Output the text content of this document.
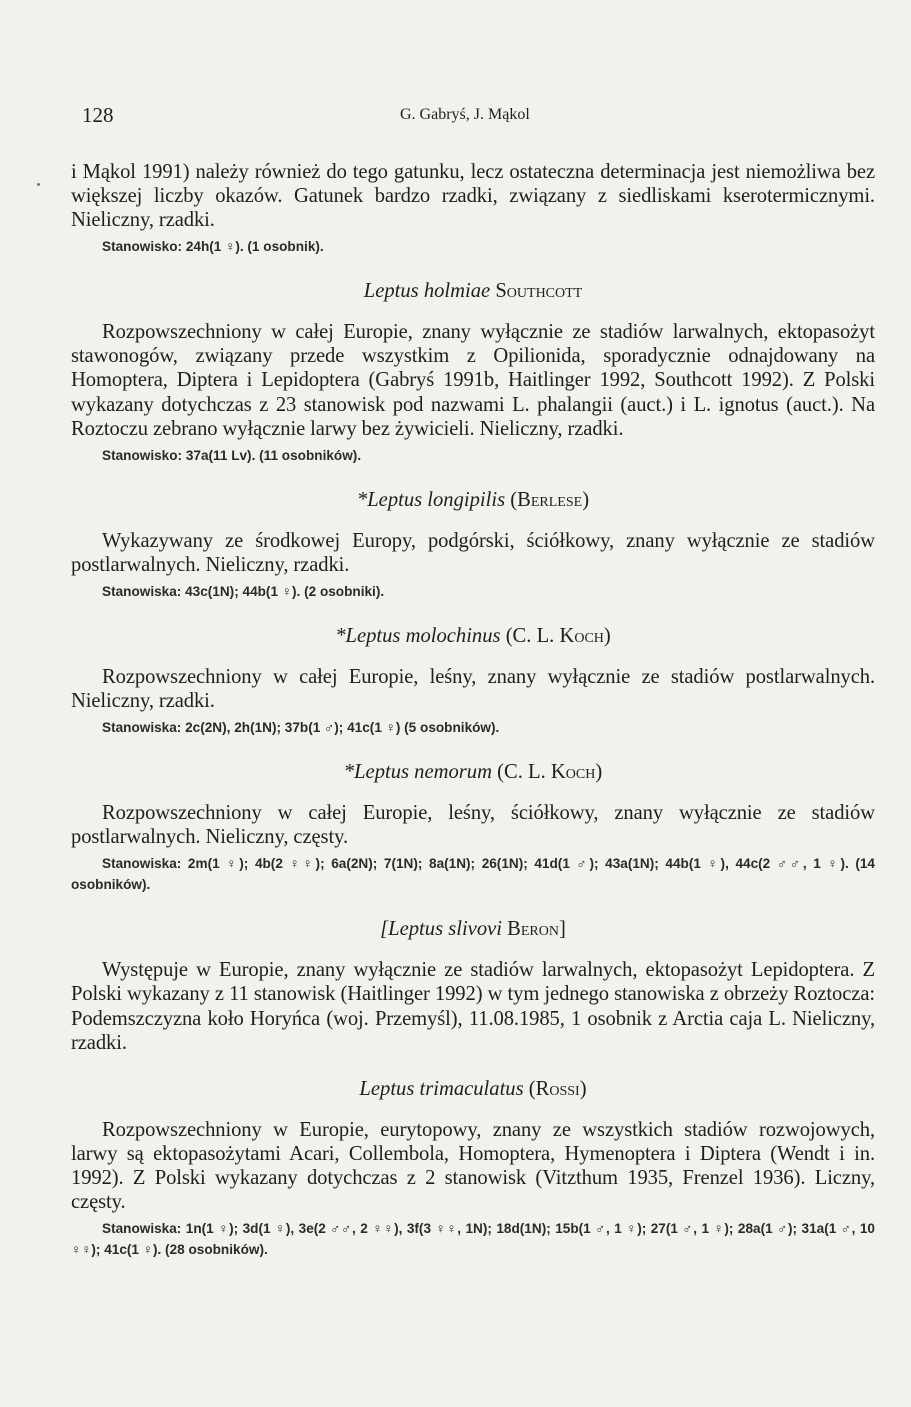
128	G. Gabryś, J. Mąkol

i Mąkol 1991) należy również do tego gatunku, lecz ostateczna determinacja jest niemożliwa bez większej liczby okazów. Gatunek bardzo rzadki, związany z siedliskami kserotermicznymi. Nieliczny, rzadki.

Stanowisko: 24h(1 ♀). (1 osobnik).

Leptus holmiae Southcott

Rozpowszechniony w całej Europie, znany wyłącznie ze stadiów larwalnych, ektopasożyt stawonogów, związany przede wszystkim z Opilionida, sporadycznie odnajdowany na Homoptera, Diptera i Lepidoptera (Gabryś 1991b, Haitlinger 1992, Southcott 1992). Z Polski wykazany dotychczas z 23 stanowisk pod nazwami L. phalangii (auct.) i L. ignotus (auct.). Na Roztoczu zebrano wyłącznie larwy bez żywicieli. Nieliczny, rzadki.

Stanowisko: 37a(11 Lv). (11 osobników).

*Leptus longipilis (Berlese)

Wykazywany ze środkowej Europy, podgórski, ściółkowy, znany wyłącznie ze stadiów postlarwalnych. Nieliczny, rzadki.

Stanowiska: 43c(1N); 44b(1 ♀). (2 osobniki).

*Leptus molochinus (C. L. Koch)

Rozpowszechniony w całej Europie, leśny, znany wyłącznie ze stadiów postlarwalnych. Nieliczny, rzadki.

Stanowiska: 2c(2N), 2h(1N); 37b(1 ♂); 41c(1 ♀) (5 osobników).

*Leptus nemorum (C. L. Koch)

Rozpowszechniony w całej Europie, leśny, ściółkowy, znany wyłącznie ze stadiów postlarwalnych. Nieliczny, częsty.

Stanowiska: 2m(1 ♀); 4b(2 ♀♀); 6a(2N); 7(1N); 8a(1N); 26(1N); 41d(1 ♂); 43a(1N); 44b(1 ♀), 44c(2 ♂♂, 1 ♀). (14 osobników).

[Leptus slivovi Beron]

Występuje w Europie, znany wyłącznie ze stadiów larwalnych, ektopasożyt Lepidoptera. Z Polski wykazany z 11 stanowisk (Haitlinger 1992) w tym jednego stanowiska z obrzeży Roztocza: Podemszczyzna koło Horyńca (woj. Przemyśl), 11.08.1985, 1 osobnik z Arctia caja L. Nieliczny, rzadki.

Leptus trimaculatus (Rossi)

Rozpowszechniony w Europie, eurytopowy, znany ze wszystkich stadiów rozwojowych, larwy są ektopasożytami Acari, Collembola, Homoptera, Hymenoptera i Diptera (Wendt i in. 1992). Z Polski wykazany dotychczas z 2 stanowisk (Vitzthum 1935, Frenzel 1936). Liczny, częsty.

Stanowiska: 1n(1 ♀); 3d(1 ♀), 3e(2 ♂♂, 2 ♀♀), 3f(3 ♀♀, 1N); 18d(1N); 15b(1 ♂, 1 ♀); 27(1 ♂, 1 ♀); 28a(1 ♂); 31a(1 ♂, 10 ♀♀); 41c(1 ♀). (28 osobników).
